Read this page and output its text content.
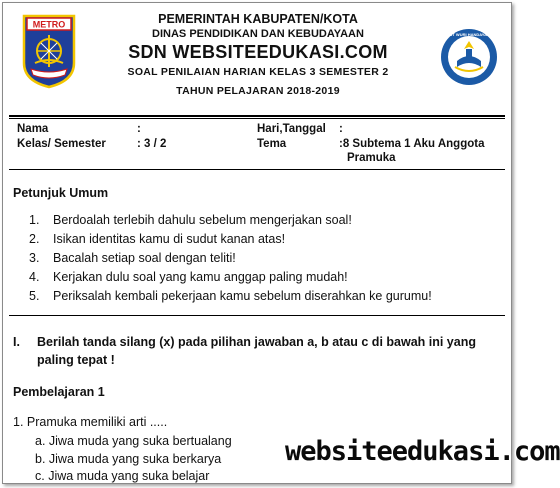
METRO	PEMERINTAH KABUPATEN/KOTA
DINAS PENDIDIKAN DAN KEBUDAYAAN
SDN WEBSITEEDUKASI.COM
SOAL PENILAIAN HARIAN KELAS 3 SEMESTER 2
TAHUN PELAJARAN 2018-2019
TUT WURI HANDAYANI
Nama	:
Kelas/ Semester	: 3 / 2
Hari,Tanggal :
Tema	:8 Subtema 1 Aku Anggota
Pramuka
Petunjuk Umum
1.	Berdoalah terlebih dahulu sebelum mengerjakan soal!
2.	Isikan identitas kamu di sudut kanan atas!
3.	Bacalah setiap soal dengan teliti!
4.	Kerjakan dulu soal yang kamu anggap paling mudah!
5.	Periksalah kembali pekerjaan kamu sebelum diserahkan ke gurumu!
I. Berilah tanda silang (x) pada pilihan jawaban a, b atau c di bawah ini yang
paling tepat !
Pembelajaran 1
1. Pramuka memiliki arti .....
a. Jiwa muda yang suka bertualang
b. Jiwa muda yang suka berkarya
c. Jiwa muda yang suka belajar
websiteedukasi.com
